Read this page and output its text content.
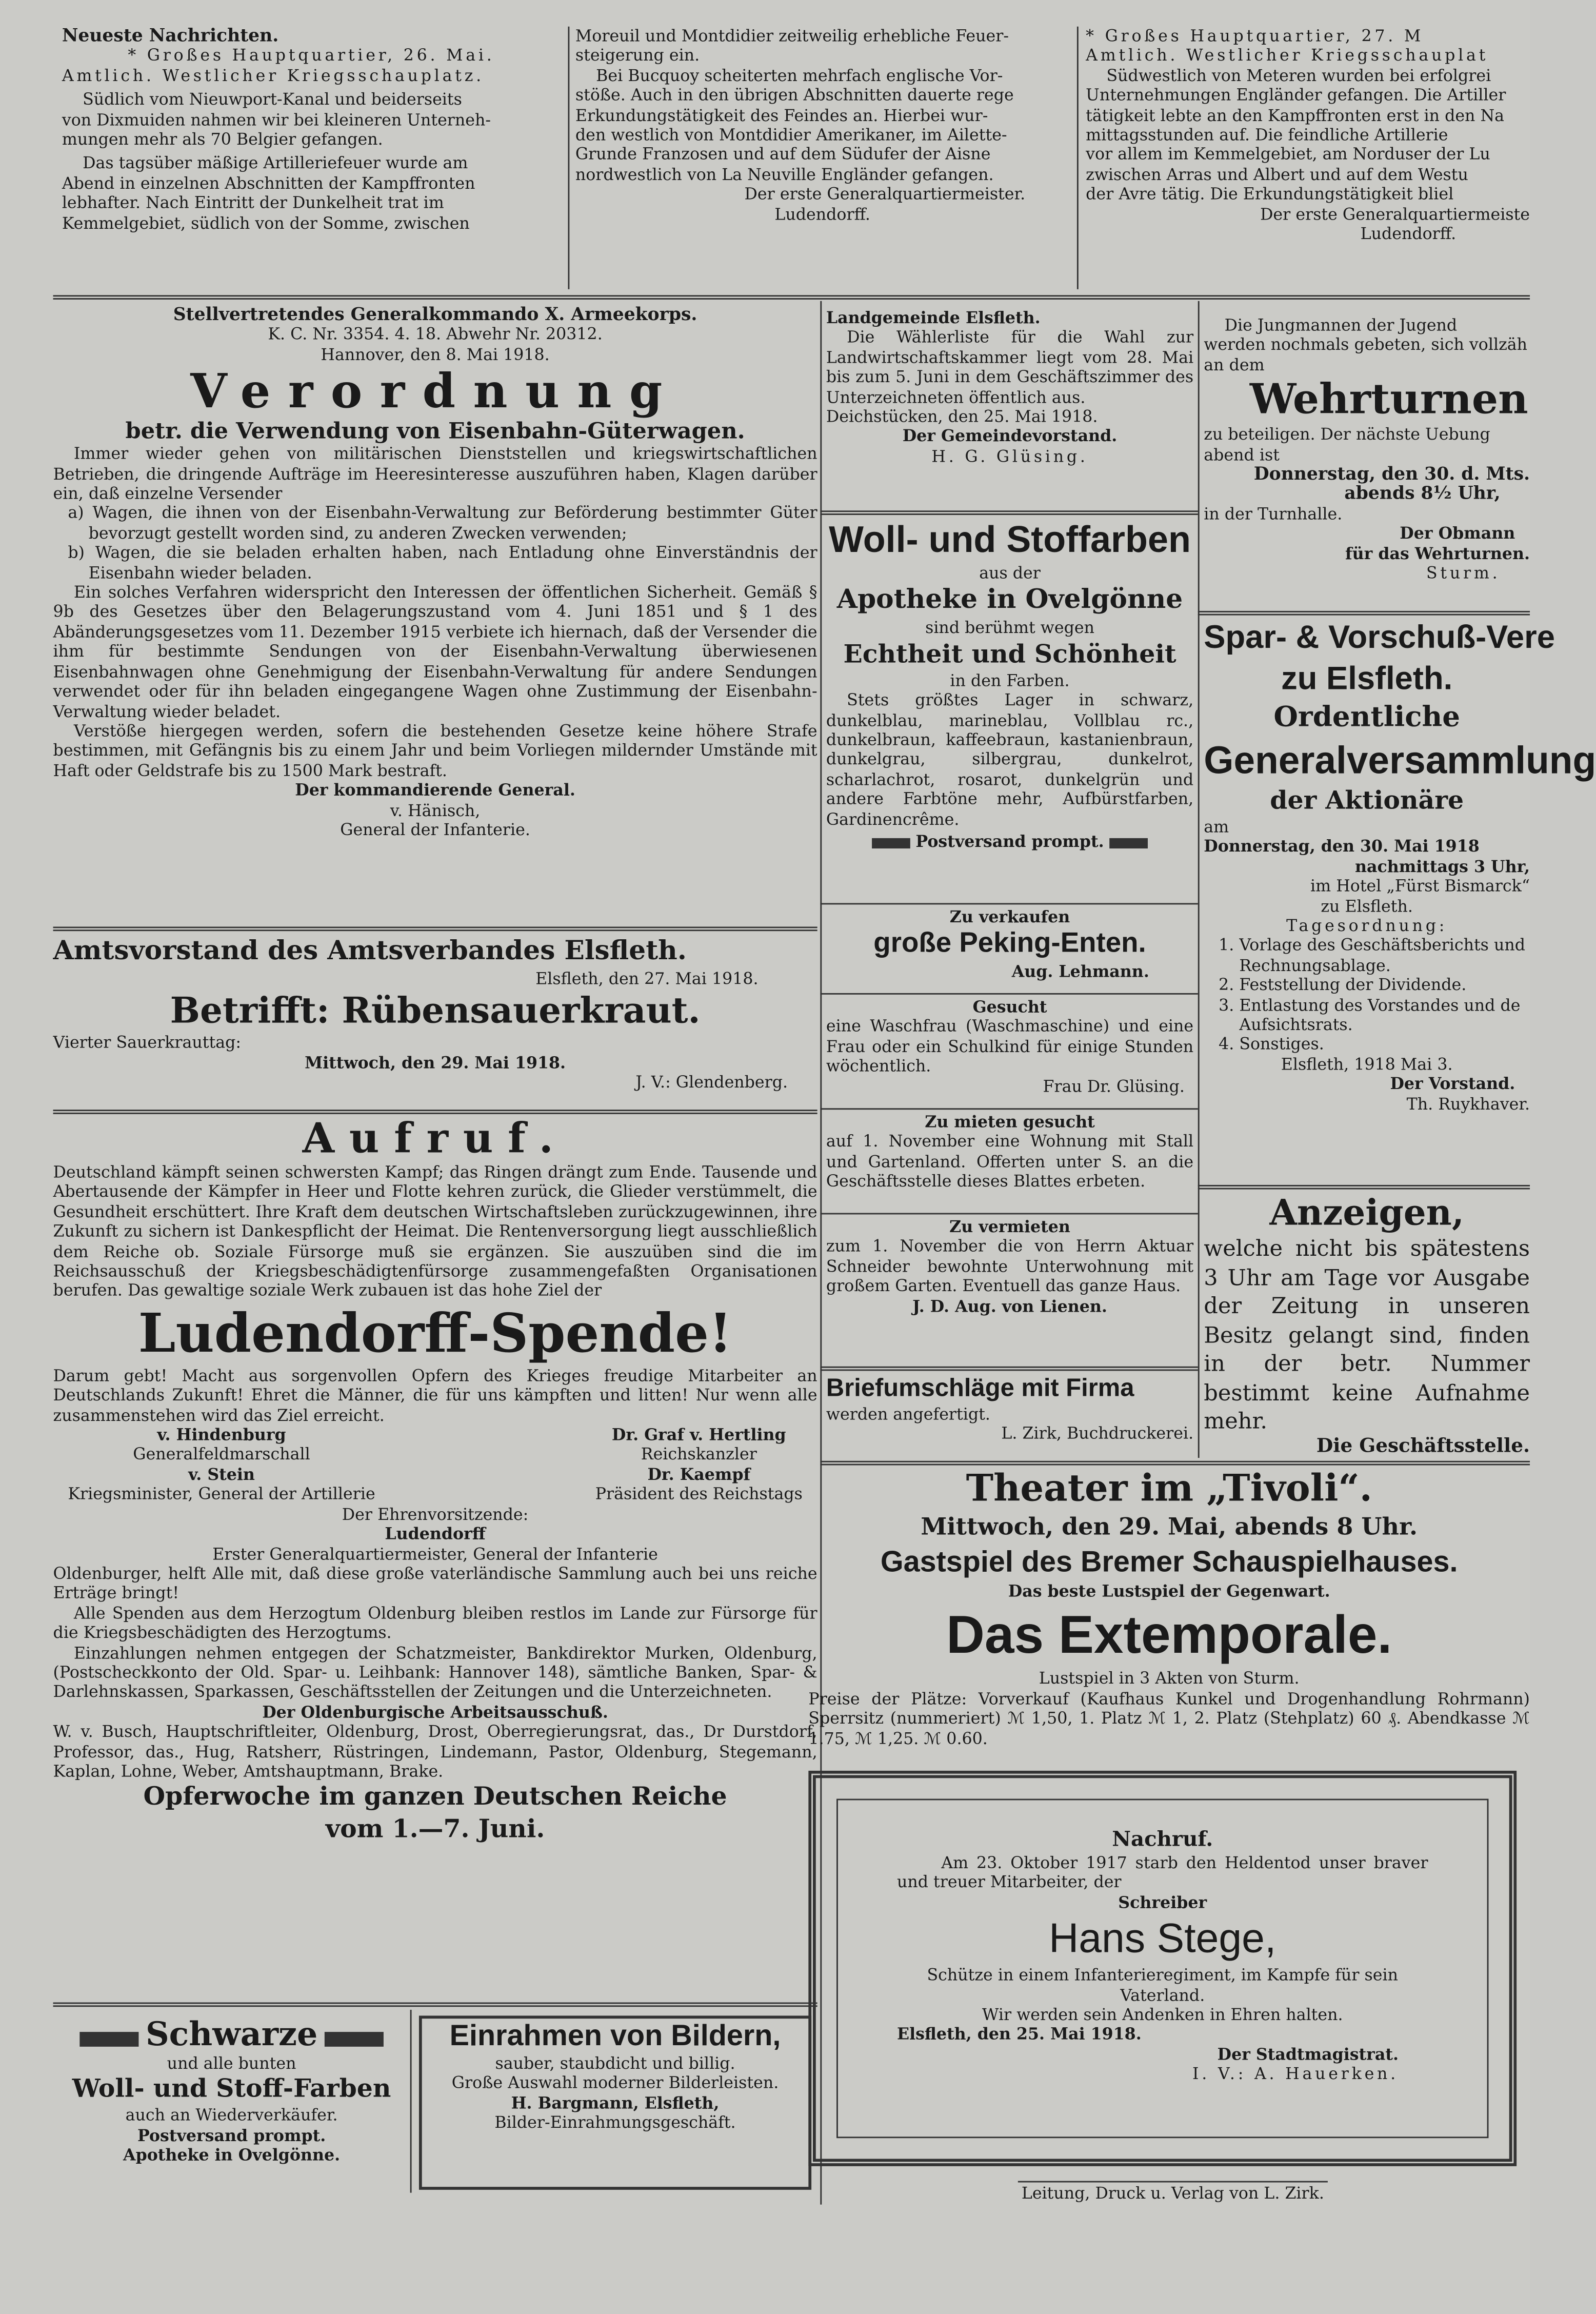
Neueste Nachrichten.

* Großes Hauptquartier, 26. Mai.

Amtlich. Westlicher Kriegsschauplatz.

Südlich vom Nieuwport-Kanal und beiderseits

von Dixmuiden nahmen wir bei kleineren Unterneh-

mungen mehr als 70 Belgier gefangen.

Das tagsüber mäßige Artilleriefeuer wurde am

Abend in einzelnen Abschnitten der Kampffronten

lebhafter. Nach Eintritt der Dunkelheit trat im

Kemmelgebiet, südlich von der Somme, zwischen

Moreuil und Montdidier zeitweilig erhebliche Feuer-

steigerung ein.

Bei Bucquoy scheiterten mehrfach englische Vor-

stöße. Auch in den übrigen Abschnitten dauerte rege

Erkundungstätigkeit des Feindes an. Hierbei wur-

den westlich von Montdidier Amerikaner, im Ailette-

Grunde Franzosen und auf dem Südufer der Aisne

nordwestlich von La Neuville Engländer gefangen.

Der erste Generalquartiermeister.

Ludendorff.

* Großes Hauptquartier, 27. M

Amtlich. Westlicher Kriegsschauplat

Südwestlich von Meteren wurden bei erfolgrei

Unternehmungen Engländer gefangen. Die Artiller

tätigkeit lebte an den Kampffronten erst in den Na

mittagsstunden auf. Die feindliche Artillerie

vor allem im Kemmelgebiet, am Norduser der Lu

zwischen Arras und Albert und auf dem Westu

der Avre tätig. Die Erkundungstätigkeit bliel

Der erste Generalquartiermeiste

Ludendorff.

Stellvertretendes Generalkommando X. Armeekorps.

K. C. Nr. 3354. 4. 18. Abwehr Nr. 20312.

Hannover, den 8. Mai 1918.

Verordnung

betr. die Verwendung von Eisenbahn-Güterwagen.

Immer wieder gehen von militärischen Dienststellen und kriegswirtschaftlichen Betrieben, die dringende Aufträge im Heeresinteresse auszuführen haben, Klagen darüber ein, daß einzelne Versender

a) Wagen, die ihnen von der Eisenbahn-Verwaltung zur Beförderung bestimmter Güter bevorzugt gestellt worden sind, zu anderen Zwecken verwenden;

b) Wagen, die sie beladen erhalten haben, nach Entladung ohne Einverständnis der Eisenbahn wieder beladen.

Ein solches Verfahren widerspricht den Interessen der öffentlichen Sicherheit. Gemäß § 9b des Gesetzes über den Belagerungszustand vom 4. Juni 1851 und § 1 des Abänderungsgesetzes vom 11. Dezember 1915 verbiete ich hiernach, daß der Versender die ihm für bestimmte Sendungen von der Eisenbahn-Verwaltung überwiesenen Eisenbahnwagen ohne Genehmigung der Eisenbahn-Verwaltung für andere Sendungen verwendet oder für ihn beladen eingegangene Wagen ohne Zustimmung der Eisenbahn-Verwaltung wieder beladet.

Verstöße hiergegen werden, sofern die bestehenden Gesetze keine höhere Strafe bestimmen, mit Gefängnis bis zu einem Jahr und beim Vorliegen mildernder Umstände mit Haft oder Geldstrafe bis zu 1500 Mark bestraft.

Der kommandierende General.

v. Hänisch,

General der Infanterie.

Amtsvorstand des Amtsverbandes Elsfleth.

Elsfleth, den 27. Mai 1918.

Betrifft: Rübensauerkraut.

Vierter Sauerkrauttag:

Mittwoch, den 29. Mai 1918.

J. V.: Glendenberg.

Aufruf.

Deutschland kämpft seinen schwersten Kampf; das Ringen drängt zum Ende. Tausende und Abertausende der Kämpfer in Heer und Flotte kehren zurück, die Glieder verstümmelt, die Gesundheit erschüttert. Ihre Kraft dem deutschen Wirtschaftsleben zurückzugewinnen, ihre Zukunft zu sichern ist Dankespflicht der Heimat. Die Rentenversorgung liegt ausschließlich dem Reiche ob. Soziale Fürsorge muß sie ergänzen. Sie auszuüben sind die im Reichsausschuß der Kriegsbeschädigtenfürsorge zusammengefaßten Organisationen berufen. Das gewaltige soziale Werk zubauen ist das hohe Ziel der

Ludendorff-Spende!

Darum gebt! Macht aus sorgenvollen Opfern des Krieges freudige Mitarbeiter an Deutschlands Zukunft! Ehret die Männer, die für uns kämpften und litten! Nur wenn alle zusammenstehen wird das Ziel erreicht.

v. Hindenburg

Generalfeldmarschall

v. Stein

Kriegsminister, General der Artillerie

Dr. Graf v. Hertling

Reichskanzler

Dr. Kaempf

Präsident des Reichstags

Der Ehrenvorsitzende:

Ludendorff

Erster Generalquartiermeister, General der Infanterie

Oldenburger, helft Alle mit, daß diese große vaterländische Sammlung auch bei uns reiche Erträge bringt!

Alle Spenden aus dem Herzogtum Oldenburg bleiben restlos im Lande zur Fürsorge für die Kriegsbeschädigten des Herzogtums.

Einzahlungen nehmen entgegen der Schatzmeister, Bankdirektor Murken, Oldenburg, (Postscheckkonto der Old. Spar- u. Leihbank: Hannover 148), sämtliche Banken, Spar- & Darlehnskassen, Sparkassen, Geschäftsstellen der Zeitungen und die Unterzeichneten.

Der Oldenburgische Arbeitsausschuß.

W. v. Busch, Hauptschriftleiter, Oldenburg, Drost, Oberregierungsrat, das., Dr Durstdorf, Professor, das., Hug, Ratsherr, Rüstringen, Lindemann, Pastor, Oldenburg, Stegemann, Kaplan, Lohne, Weber, Amtshauptmann, Brake.

Opferwoche im ganzen Deutschen Reiche

vom 1.—7. Juni.

Schwarze

und alle bunten

Woll- und Stoff-Farben

auch an Wiederverkäufer.

Postversand prompt.

Apotheke in Ovelgönne.

Einrahmen von Bildern,

sauber, staubdicht und billig.

Große Auswahl moderner Bilderleisten.

H. Bargmann, Elsfleth,

Bilder-Einrahmungsgeschäft.

Landgemeinde Elsfleth.

Die Wählerliste für die Wahl zur Landwirtschaftskammer liegt vom 28. Mai bis zum 5. Juni in dem Geschäftszimmer des Unterzeichneten öffentlich aus.

Deichstücken, den 25. Mai 1918.

Der Gemeindevorstand.

H. G. Glüsing.

Woll- und Stoffarben

aus der

Apotheke in Ovelgönne

sind berühmt wegen

Echtheit und Schönheit

in den Farben.

Stets größtes Lager in schwarz, dunkelblau, marineblau, Vollblau rc., dunkelbraun, kaffeebraun, kastanienbraun, dunkelgrau, silbergrau, dunkelrot, scharlachrot, rosarot, dunkelgrün und andere Farbtöne mehr, Aufbürstfarben, Gardinencrême.

Postversand prompt.

Zu verkaufen

große Peking-Enten.

Aug. Lehmann.

Gesucht

eine Waschfrau (Waschmaschine) und eine Frau oder ein Schulkind für einige Stunden wöchentlich.

Frau Dr. Glüsing.

Zu mieten gesucht

auf 1. November eine Wohnung mit Stall und Gartenland. Offerten unter S. an die Geschäftsstelle dieses Blattes erbeten.

Zu vermieten

zum 1. November die von Herrn Aktuar Schneider bewohnte Unterwohnung mit großem Garten. Eventuell das ganze Haus.

J. D. Aug. von Lienen.

Briefumschläge mit Firma

werden angefertigt.

L. Zirk, Buchdruckerei.

Die Jungmannen der Jugend

werden nochmals gebeten, sich vollzäh

an dem

Wehrturnen

zu beteiligen. Der nächste Uebung

abend ist

Donnerstag, den 30. d. Mts.

abends 8½ Uhr,

in der Turnhalle.

Der Obmann

für das Wehrturnen.

Sturm.

Spar- & Vorschuß-Vere

zu Elsfleth.

Ordentliche

Generalversammlung

der Aktionäre

am

Donnerstag, den 30. Mai 1918

nachmittags 3 Uhr,

im Hotel „Fürst Bismarck“

zu Elsfleth.

Tagesordnung:

1. Vorlage des Geschäftsberichts und Rechnungsablage.

2. Feststellung der Dividende.

3. Entlastung des Vorstandes und de Aufsichtsrats.

4. Sonstiges.

Elsfleth, 1918 Mai 3.

Der Vorstand.

Th. Ruykhaver.

Anzeigen,

welche nicht bis spätestens 3 Uhr am Tage vor Ausgabe der Zeitung in unseren Besitz gelangt sind, finden in der betr. Nummer bestimmt keine Aufnahme mehr.

Die Geschäftsstelle.

Theater im „Tivoli“.

Mittwoch, den 29. Mai, abends 8 Uhr.

Gastspiel des Bremer Schauspielhauses.

Das beste Lustspiel der Gegenwart.

Das Extemporale.

Lustspiel in 3 Akten von Sturm.

Preise der Plätze: Vorverkauf (Kaufhaus Kunkel und Drogenhandlung Rohrmann) Sperrsitz (nummeriert) ℳ 1,50, 1. Platz ℳ 1, 2. Platz (Stehplatz) 60 ₰. Abendkasse ℳ 1.75, ℳ 1,25. ℳ 0.60.

Nachruf.

Am 23. Oktober 1917 starb den Heldentod unser braver und treuer Mitarbeiter, der

Schreiber

Hans Stege,

Schütze in einem Infanterieregiment, im Kampfe für sein Vaterland.

Wir werden sein Andenken in Ehren halten.

Elsfleth, den 25. Mai 1918.

Der Stadtmagistrat.

I. V.: A. Hauerken.

Leitung, Druck u. Verlag von L. Zirk.
